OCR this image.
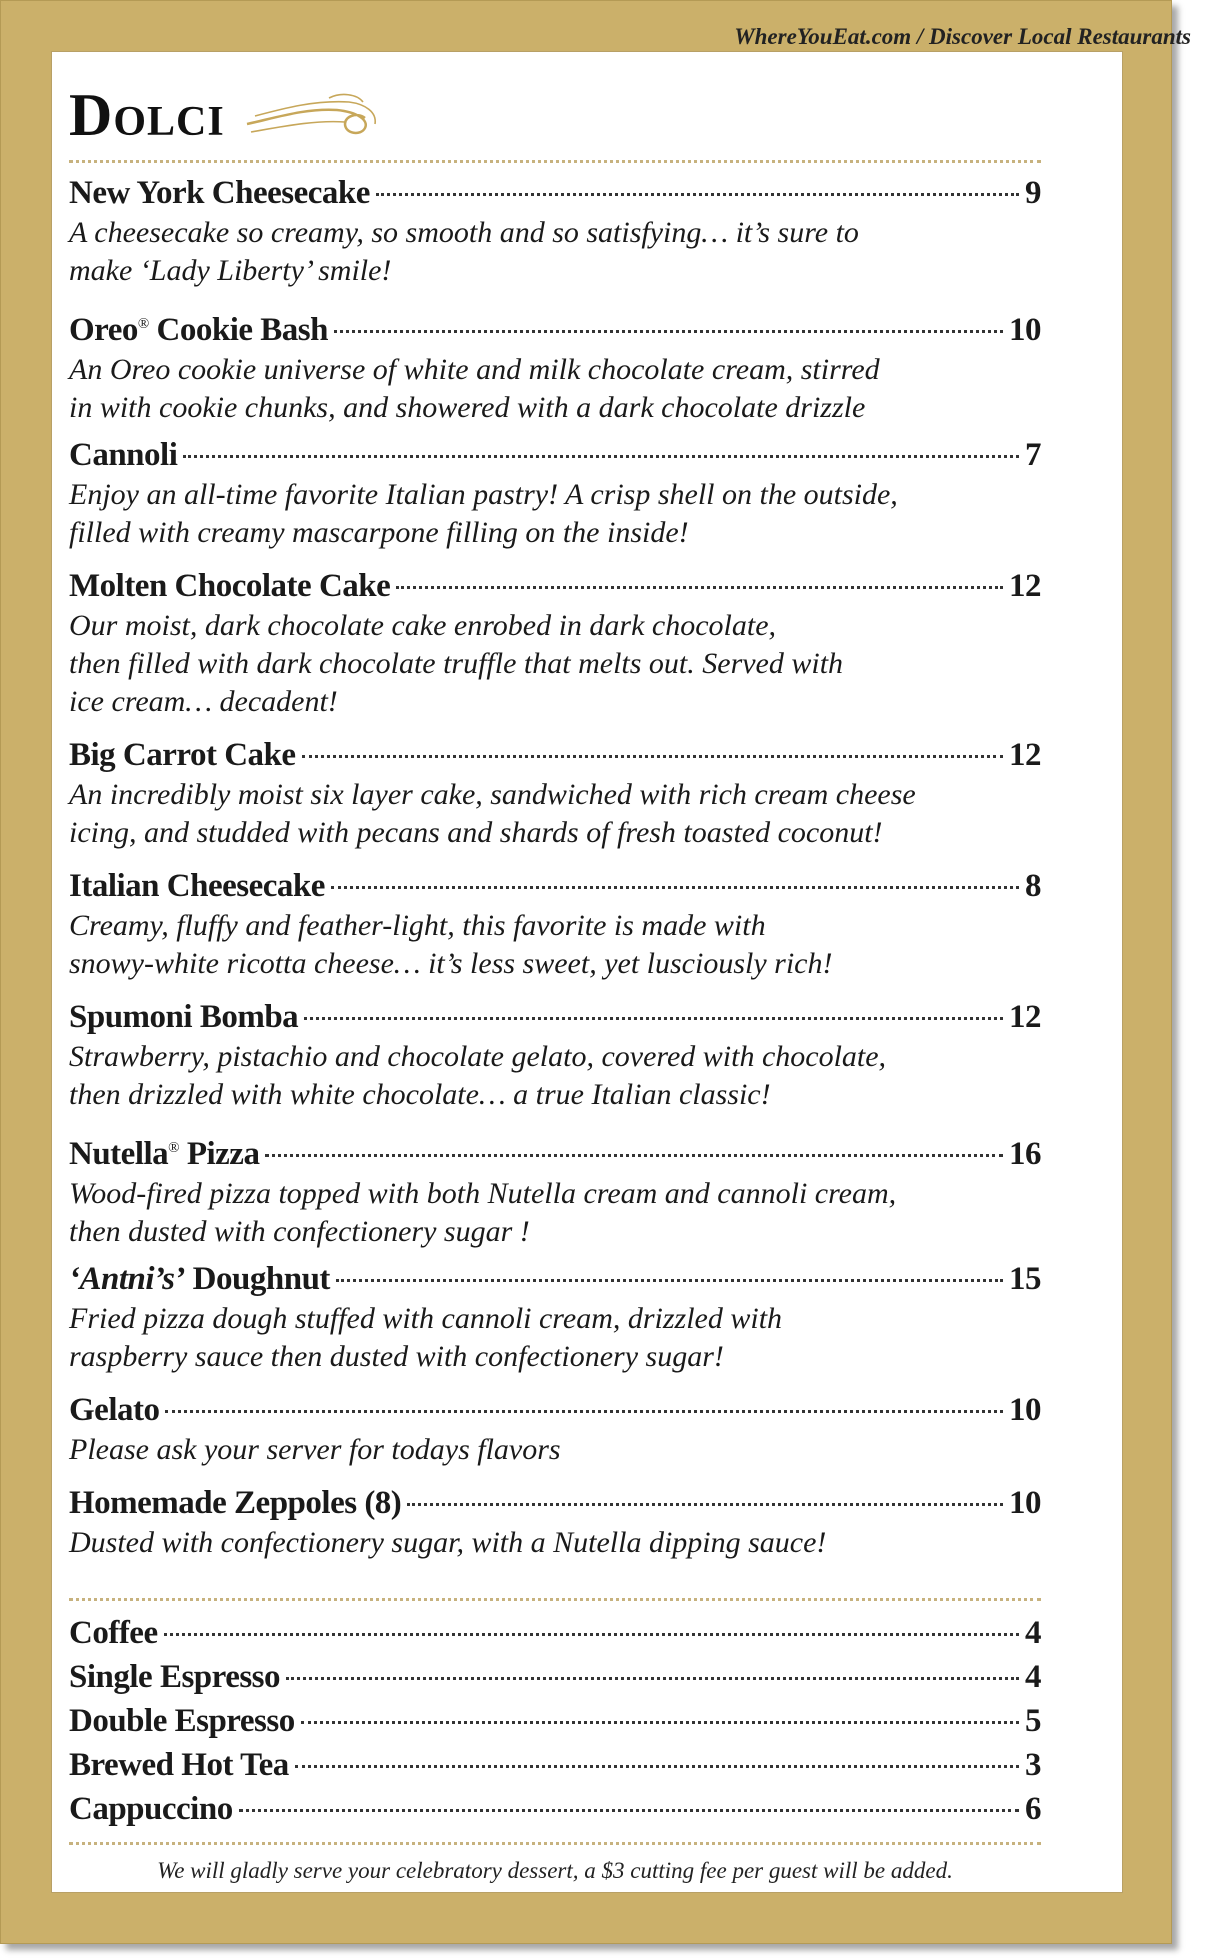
WhereYouEat.com / Discover Local Restaurants

Dolci
New York Cheesecake	9

A cheesecake so creamy, so smooth and so satisfying… it’s sure to

make ‘Lady Liberty’ smile!

Oreo® Cookie Bash	10

An Oreo cookie universe of white and milk chocolate cream, stirred

in with cookie chunks, and showered with a dark chocolate drizzle

Cannoli	7

Enjoy an all-time favorite Italian pastry! A crisp shell on the outside,

filled with creamy mascarpone filling on the inside!

Molten Chocolate Cake	12

Our moist, dark chocolate cake enrobed in dark chocolate,

then filled with dark chocolate truffle that melts out. Served with

ice cream… decadent!

Big Carrot Cake	12

An incredibly moist six layer cake, sandwiched with rich cream cheese

icing, and studded with pecans and shards of fresh toasted coconut!

Italian Cheesecake	8

Creamy, fluffy and feather-light, this favorite is made with

snowy-white ricotta cheese… it’s less sweet, yet lusciously rich!

Spumoni Bomba	12

Strawberry, pistachio and chocolate gelato, covered with chocolate,

then drizzled with white chocolate… a true Italian classic!

Nutella® Pizza	16

Wood-fired pizza topped with both Nutella cream and cannoli cream,

then dusted with confectionery sugar !

‘Antni’s’ Doughnut	15

Fried pizza dough stuffed with cannoli cream, drizzled with

raspberry sauce then dusted with confectionery sugar!

Gelato	10

Please ask your server for todays flavors

Homemade Zeppoles (8)	10

Dusted with confectionery sugar, with a Nutella dipping sauce!

Coffee	4
Single Espresso	4
Double Espresso	5
Brewed Hot Tea	3
Cappuccino	6
We will gladly serve your celebratory dessert, a $3 cutting fee per guest will be added.
